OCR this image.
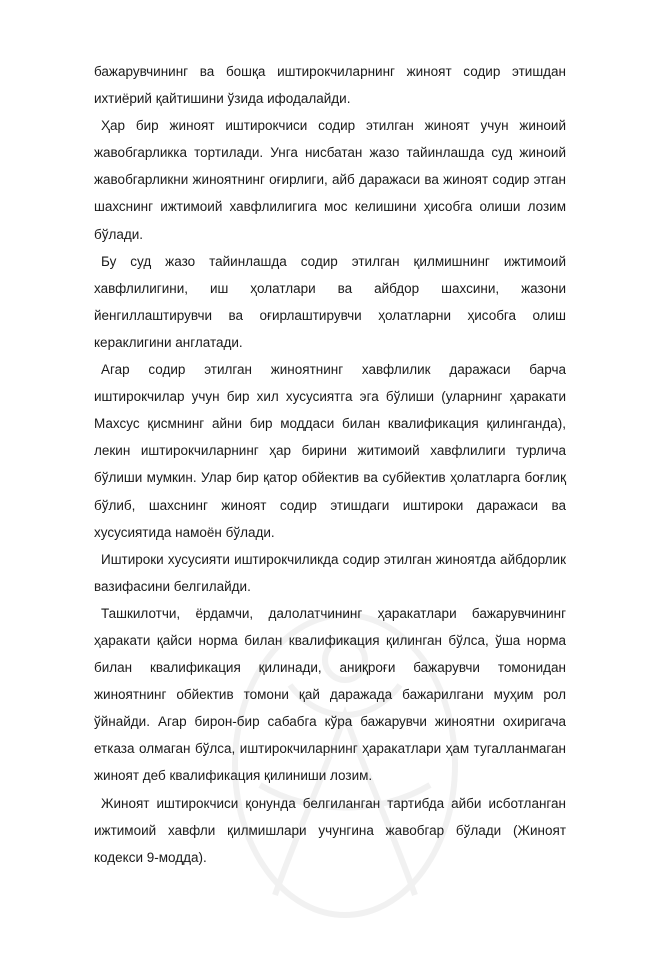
бажарувчининг ва бошқа иштирокчиларнинг жиноят содир этишдан ихтиёрий қайтишини ўзида ифодалайди.

Ҳар бир жиноят иштирокчиси содир этилган жиноят учун жиноий жавобгарликка тортилади. Унга нисбатан жазо тайинлашда суд жиноий жавобгарликни жиноятнинг оғирлиги, айб даражаси ва жиноят содир этган шахснинг ижтимоий хавфлилигига мос келишини ҳисобга олиши лозим бўлади.

Бу суд жазо тайинлашда содир этилган қилмишнинг ижтимоий хавфлилигини, иш ҳолатлари ва айбдор шахсини, жазони йенгиллаштирувчи ва оғирлаштирувчи ҳолатларни ҳисобга олиш кераклигини англатади.

Агар содир этилган жиноятнинг хавфлилик даражаси барча иштирокчилар учун бир хил хусусиятга эга бўлиши (уларнинг ҳаракати Махсус қисмнинг айни бир моддаси билан квалификация қилинганда), лекин иштирокчиларнинг ҳар бирини житимоий хавфлилиги турлича бўлиши мумкин. Улар бир қатор обйектив ва субйектив ҳолатларга боғлиқ бўлиб, шахснинг жиноят содир этишдаги иштироки даражаси ва хусусиятида намоён бўлади.

Иштироки хусусияти иштирокчиликда содир этилган жиноятда айбдорлик вазифасини белгилайди.

Ташкилотчи, ёрдамчи, далолатчининг ҳаракатлари бажарувчининг ҳаракати қайси норма билан квалификация қилинган бўлса, ўша норма билан квалификация қилинади, аниқроғи бажарувчи томонидан жиноятнинг обйектив томони қай даражада бажарилгани муҳим рол ўйнайди. Агар бирон-бир сабабга кўра бажарувчи жиноятни охиригача етказа олмаган бўлса, иштирокчиларнинг ҳаракатлари ҳам тугалланмаган жиноят деб квалификация қилиниши лозим.

Жиноят иштирокчиси қонунда белгиланган тартибда айби исботланган ижтимоий хавфли қилмишлари учунгина жавобгар бўлади (Жиноят кодекси 9-модда).
